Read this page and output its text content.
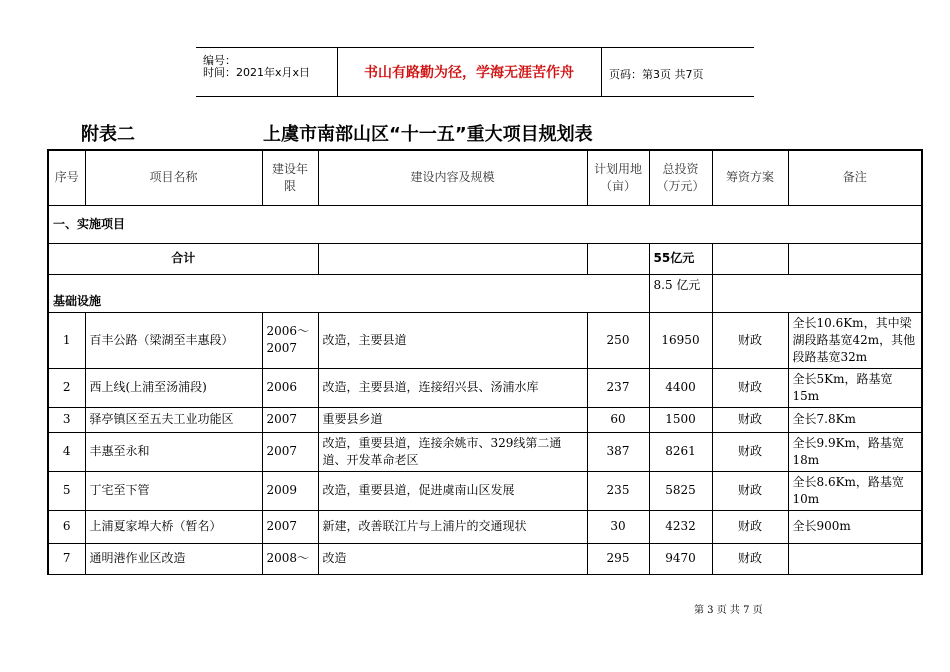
编号：
时间：2021年x月x日	书山有路勤为径，学海无涯苦作舟	页码：第3页 共7页
附表二	上虞市南部山区“十一五”重大项目规划表
序号	项目名称	建设年限	建设内容及规模	计划用地（亩）	总投资（万元）	筹资方案	备注
一、实施项目							
合计					55亿元		
基础设施					8.5 亿元		
1	百丰公路（梁湖至丰惠段）	2006～2007	改造，主要县道	250	16950	财政	全长10.6Km，其中梁湖段路基宽42m，其他段路基宽32m
2	西上线(上浦至汤浦段)	2006	改造，主要县道，连接绍兴县、汤浦水库	237	4400	财政	全长5Km，路基宽15m
3	驿亭镇区至五夫工业功能区	2007	重要县乡道	60	1500	财政	全长7.8Km
4	丰惠至永和	2007	改造，重要县道，连接余姚市、329线第二通道、开发革命老区	387	8261	财政	全长9.9Km，路基宽18m
5	丁宅至下管	2009	改造，重要县道，促进虞南山区发展	235	5825	财政	全长8.6Km，路基宽10m
6	上浦夏家埠大桥（暂名）	2007	新建，改善联江片与上浦片的交通现状	30	4232	财政	全长900m
7	通明港作业区改造	2008～	改造	295	9470	财政	
第 3 页 共 7 页
